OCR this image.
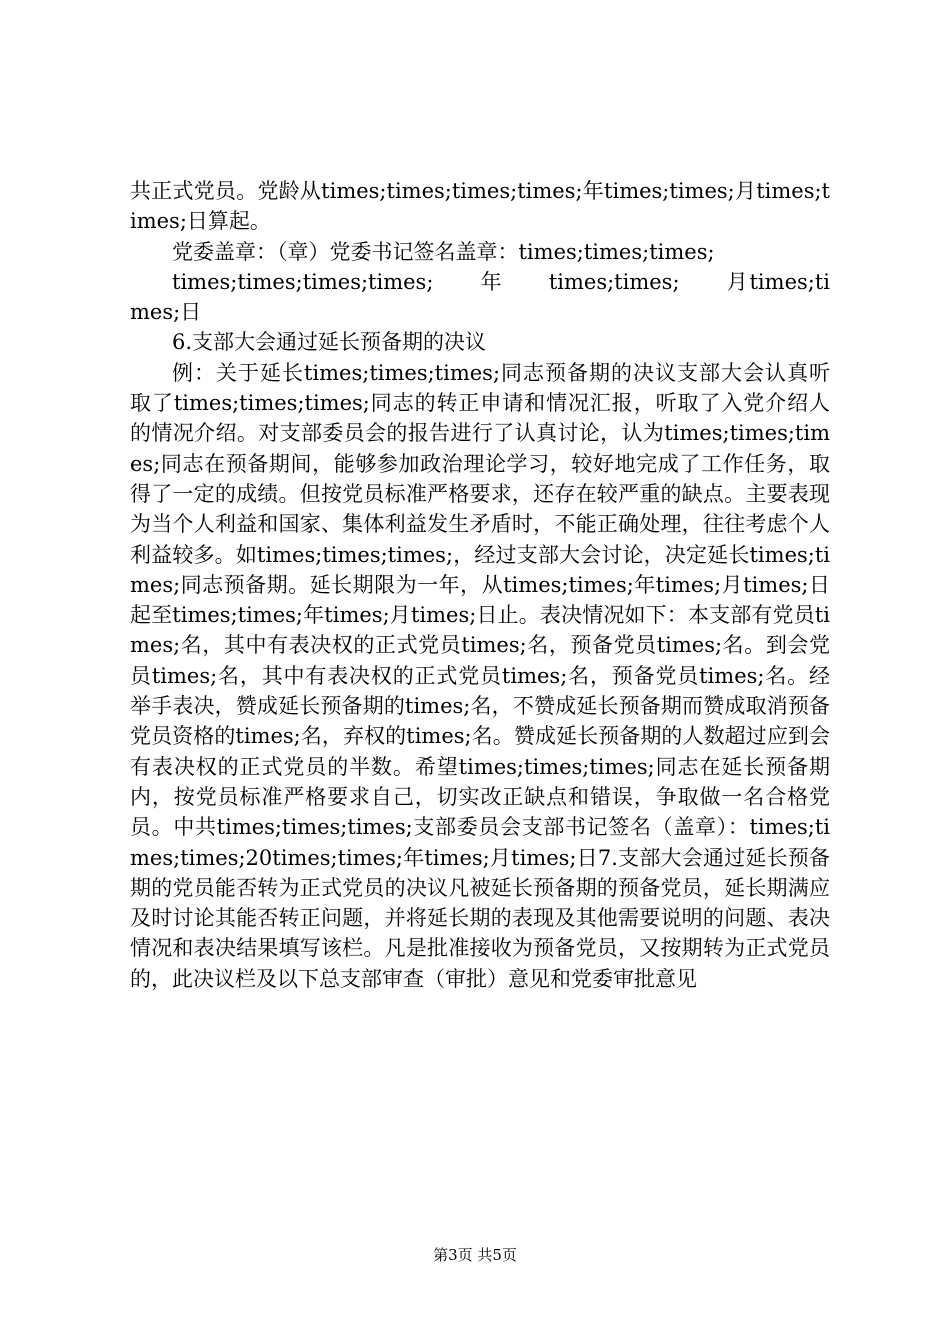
共正式党员。党龄从times;times;times;times;年times;times;月times;times;日算起。

党委盖章：（章）党委书记签名盖章：times;times;times;

times;times;times;times;　　年　　times;times;　　月times;times;日

6.支部大会通过延长预备期的决议

例：关于延长times;times;times;同志预备期的决议支部大会认真听取了times;times;times;同志的转正申请和情况汇报，听取了入党介绍人的情况介绍。对支部委员会的报告进行了认真讨论，认为times;times;times;同志在预备期间，能够参加政治理论学习，较好地完成了工作任务，取得了一定的成绩。但按党员标准严格要求，还存在较严重的缺点。主要表现为当个人利益和国家、集体利益发生矛盾时，不能正确处理，往往考虑个人利益较多。如times;times;times;，经过支部大会讨论，决定延长times;times;同志预备期。延长期限为一年，从times;times;年times;月times;日起至times;times;年times;月times;日止。表决情况如下：本支部有党员times;名，其中有表决权的正式党员times;名，预备党员times;名。到会党员times;名，其中有表决权的正式党员times;名，预备党员times;名。经举手表决，赞成延长预备期的times;名，不赞成延长预备期而赞成取消预备党员资格的times;名，弃权的times;名。赞成延长预备期的人数超过应到会有表决权的正式党员的半数。希望times;times;times;同志在延长预备期内，按党员标准严格要求自己，切实改正缺点和错误，争取做一名合格党员。中共times;times;times;支部委员会支部书记签名（盖章）：times;times;times;20times;times;年times;月times;日7.支部大会通过延长预备期的党员能否转为正式党员的决议凡被延长预备期的预备党员，延长期满应及时讨论其能否转正问题，并将延长期的表现及其他需要说明的问题、表决情况和表决结果填写该栏。凡是批准接收为预备党员，又按期转为正式党员的，此决议栏及以下总支部审查（审批）意见和党委审批意见

第3页 共5页
